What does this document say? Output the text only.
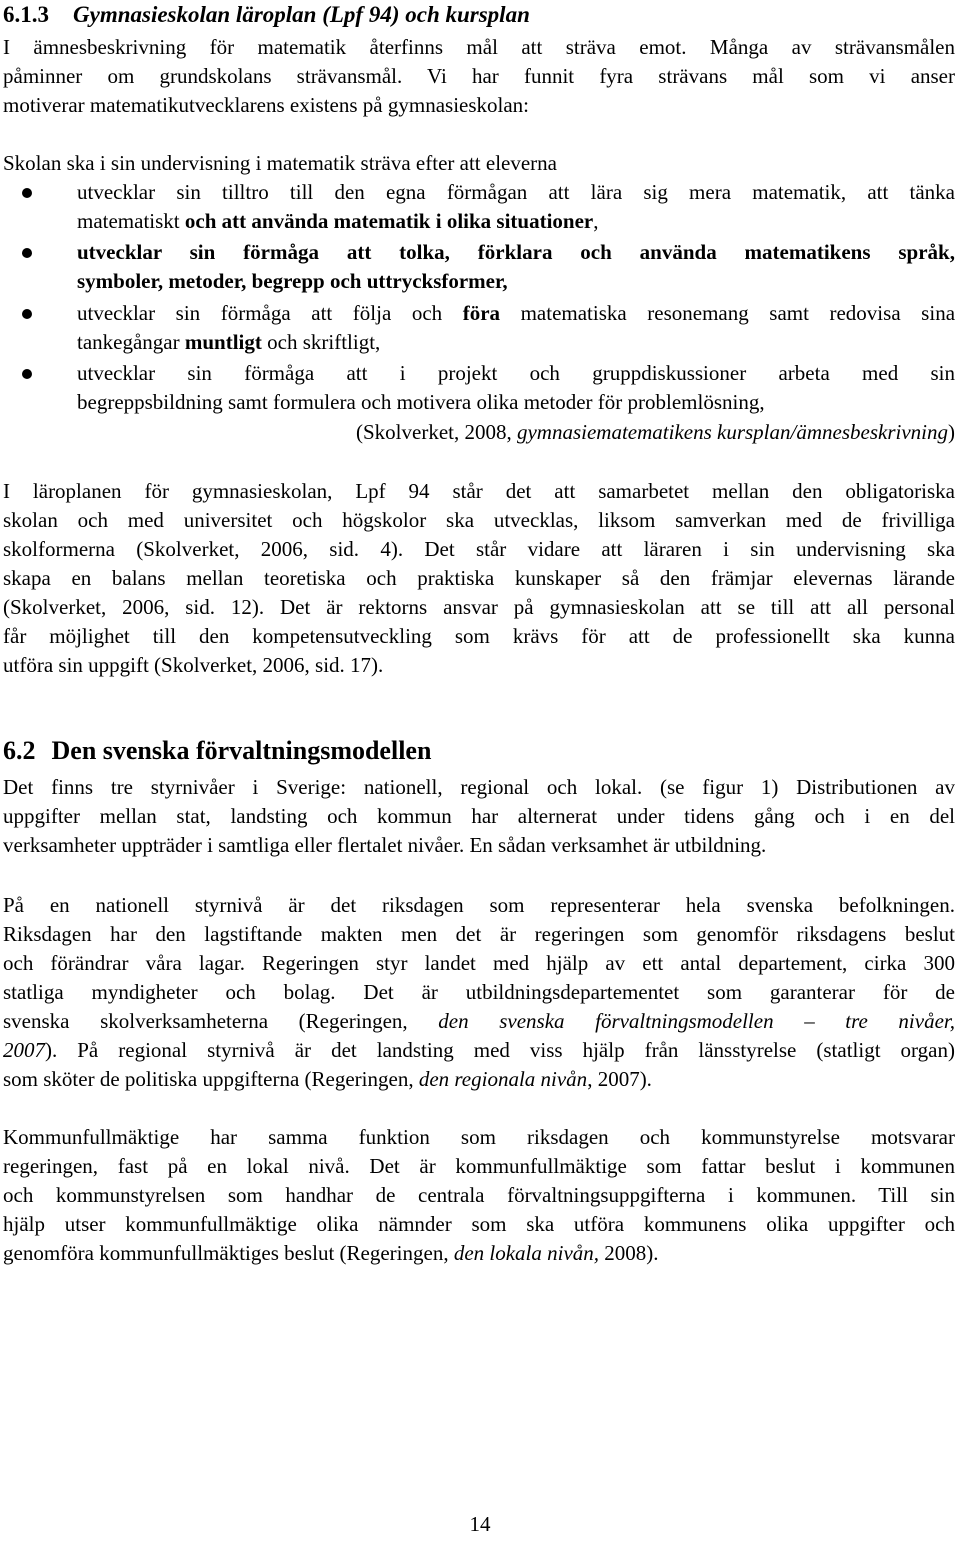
6.1.3 Gymnasieskolan läroplan (Lpf 94) och kursplan
I ämnesbeskrivning för matematik återfinns mål att sträva emot. Många av strävansmålen
påminner om grundskolans strävansmål. Vi har funnit fyra strävans mål som vi anser
motiverar matematikutvecklarens existens på gymnasieskolan:
Skolan ska i sin undervisning i matematik sträva efter att eleverna
utvecklar sin tilltro till den egna förmågan att lära sig mera matematik, att tänka
matematiskt och att använda matematik i olika situationer,
utvecklar sin förmåga att tolka, förklara och använda matematikens språk,
symboler, metoder, begrepp och uttrycksformer,
utvecklar sin förmåga att följa och föra matematiska resonemang samt redovisa sina
tankegångar muntligt och skriftligt,
utvecklar sin förmåga att i projekt och gruppdiskussioner arbeta med sin
begreppsbildning samt formulera och motivera olika metoder för problemlösning,
(Skolverket, 2008, gymnasiematematikens kursplan/ämnesbeskrivning)
I läroplanen för gymnasieskolan, Lpf 94 står det att samarbetet mellan den obligatoriska
skolan och med universitet och högskolor ska utvecklas, liksom samverkan med de frivilliga
skolformerna (Skolverket, 2006, sid. 4). Det står vidare att läraren i sin undervisning ska
skapa en balans mellan teoretiska och praktiska kunskaper så den främjar elevernas lärande
(Skolverket, 2006, sid. 12). Det är rektorns ansvar på gymnasieskolan att se till att all personal
får möjlighet till den kompetensutveckling som krävs för att de professionellt ska kunna
utföra sin uppgift (Skolverket, 2006, sid. 17).
6.2 Den svenska förvaltningsmodellen
Det finns tre styrnivåer i Sverige: nationell, regional och lokal. (se figur 1) Distributionen av
uppgifter mellan stat, landsting och kommun har alternerat under tidens gång och i en del
verksamheter uppträder i samtliga eller flertalet nivåer. En sådan verksamhet är utbildning.
På en nationell styrnivå är det riksdagen som representerar hela svenska befolkningen.
Riksdagen har den lagstiftande makten men det är regeringen som genomför riksdagens beslut
och förändrar våra lagar. Regeringen styr landet med hjälp av ett antal departement, cirka 300
statliga myndigheter och bolag. Det är utbildningsdepartementet som garanterar för de
svenska skolverksamheterna (Regeringen, den svenska förvaltningsmodellen – tre nivåer,
2007). På regional styrnivå är det landsting med viss hjälp från länsstyrelse (statligt organ)
som sköter de politiska uppgifterna (Regeringen, den regionala nivån, 2007).
Kommunfullmäktige har samma funktion som riksdagen och kommunstyrelse motsvarar
regeringen, fast på en lokal nivå. Det är kommunfullmäktige som fattar beslut i kommunen
och kommunstyrelsen som handhar de centrala förvaltningsuppgifterna i kommunen. Till sin
hjälp utser kommunfullmäktige olika nämnder som ska utföra kommunens olika uppgifter och
genomföra kommunfullmäktiges beslut (Regeringen, den lokala nivån, 2008).
14
